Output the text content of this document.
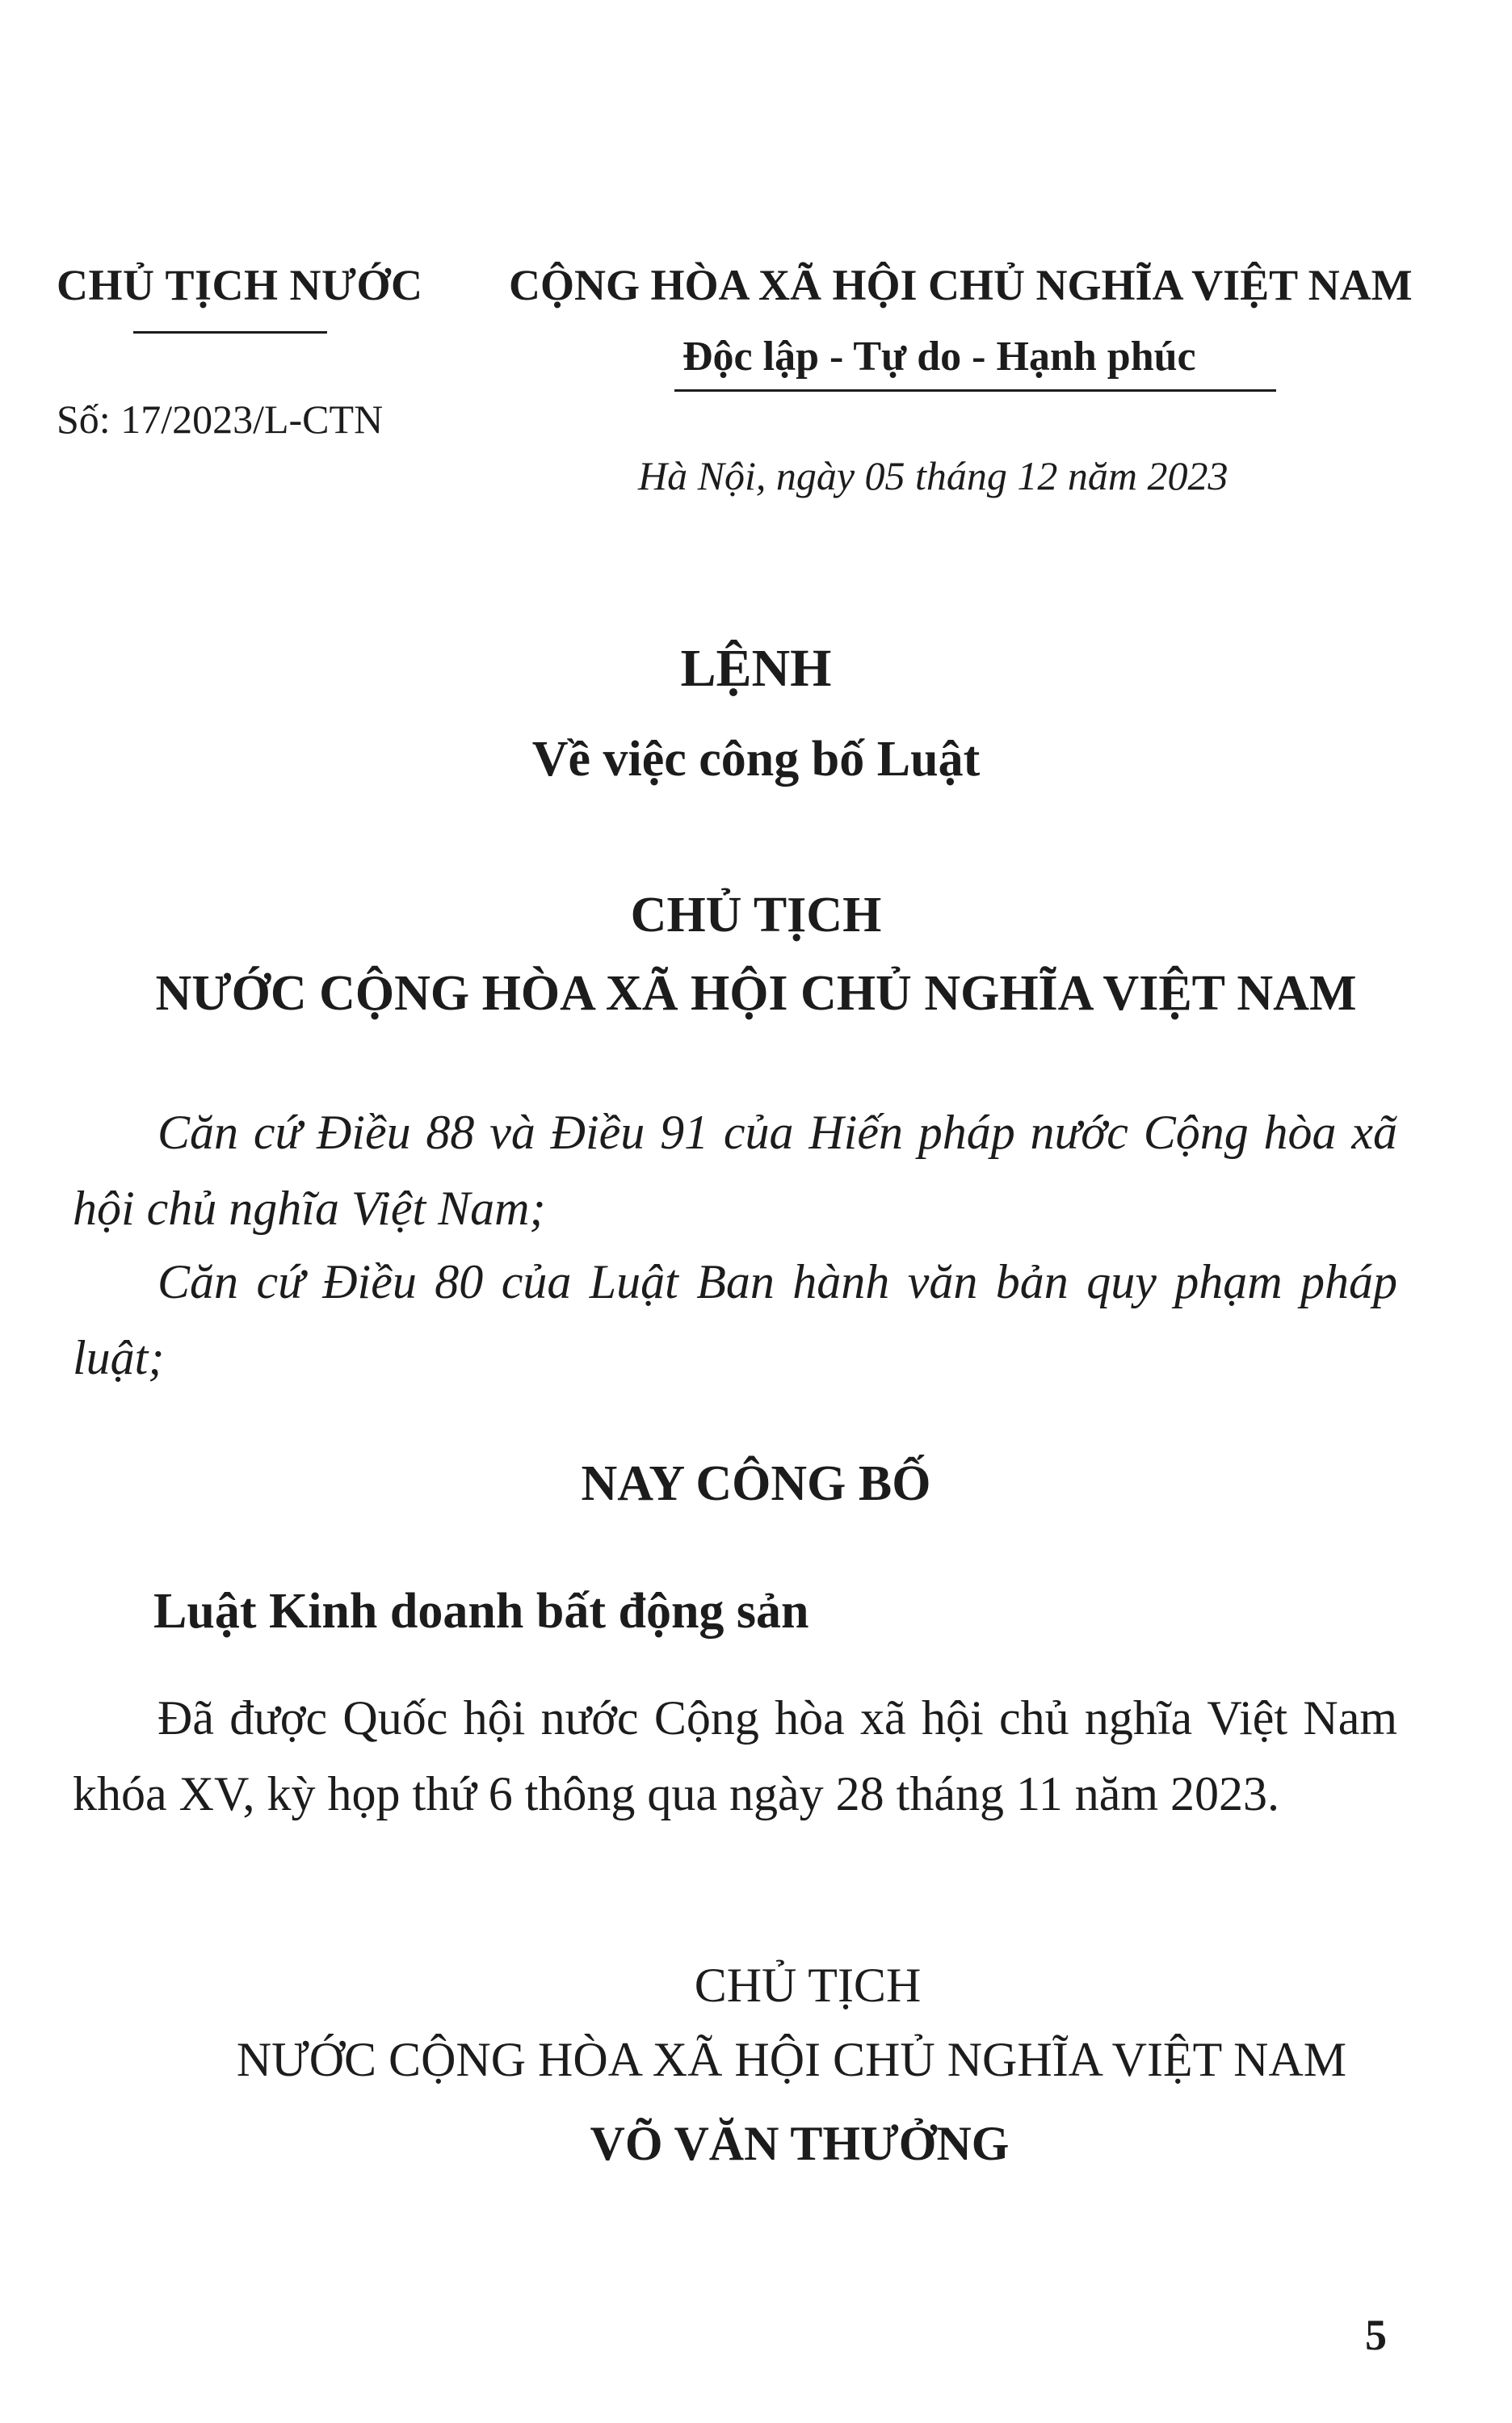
CHỦ TỊCH NƯỚC
Số: 17/2023/L-CTN
CỘNG HÒA XÃ HỘI CHỦ NGHĨA VIỆT NAM
Độc lập - Tự do - Hạnh phúc
Hà Nội, ngày 05 tháng 12 năm 2023
LỆNH
Về việc công bố Luật
CHỦ TỊCH
NƯỚC CỘNG HÒA XÃ HỘI CHỦ NGHĨA VIỆT NAM
Căn cứ Điều 88 và Điều 91 của Hiến pháp nước Cộng hòa xã hội chủ nghĩa Việt Nam;
Căn cứ Điều 80 của Luật Ban hành văn bản quy phạm pháp luật;
NAY CÔNG BỐ
Luật Kinh doanh bất động sản
Đã được Quốc hội nước Cộng hòa xã hội chủ nghĩa Việt Nam khóa XV, kỳ họp thứ 6 thông qua ngày 28 tháng 11 năm 2023.
CHỦ TỊCH
NƯỚC CỘNG HÒA XÃ HỘI CHỦ NGHĨA VIỆT NAM
VÕ VĂN THƯỞNG
5
